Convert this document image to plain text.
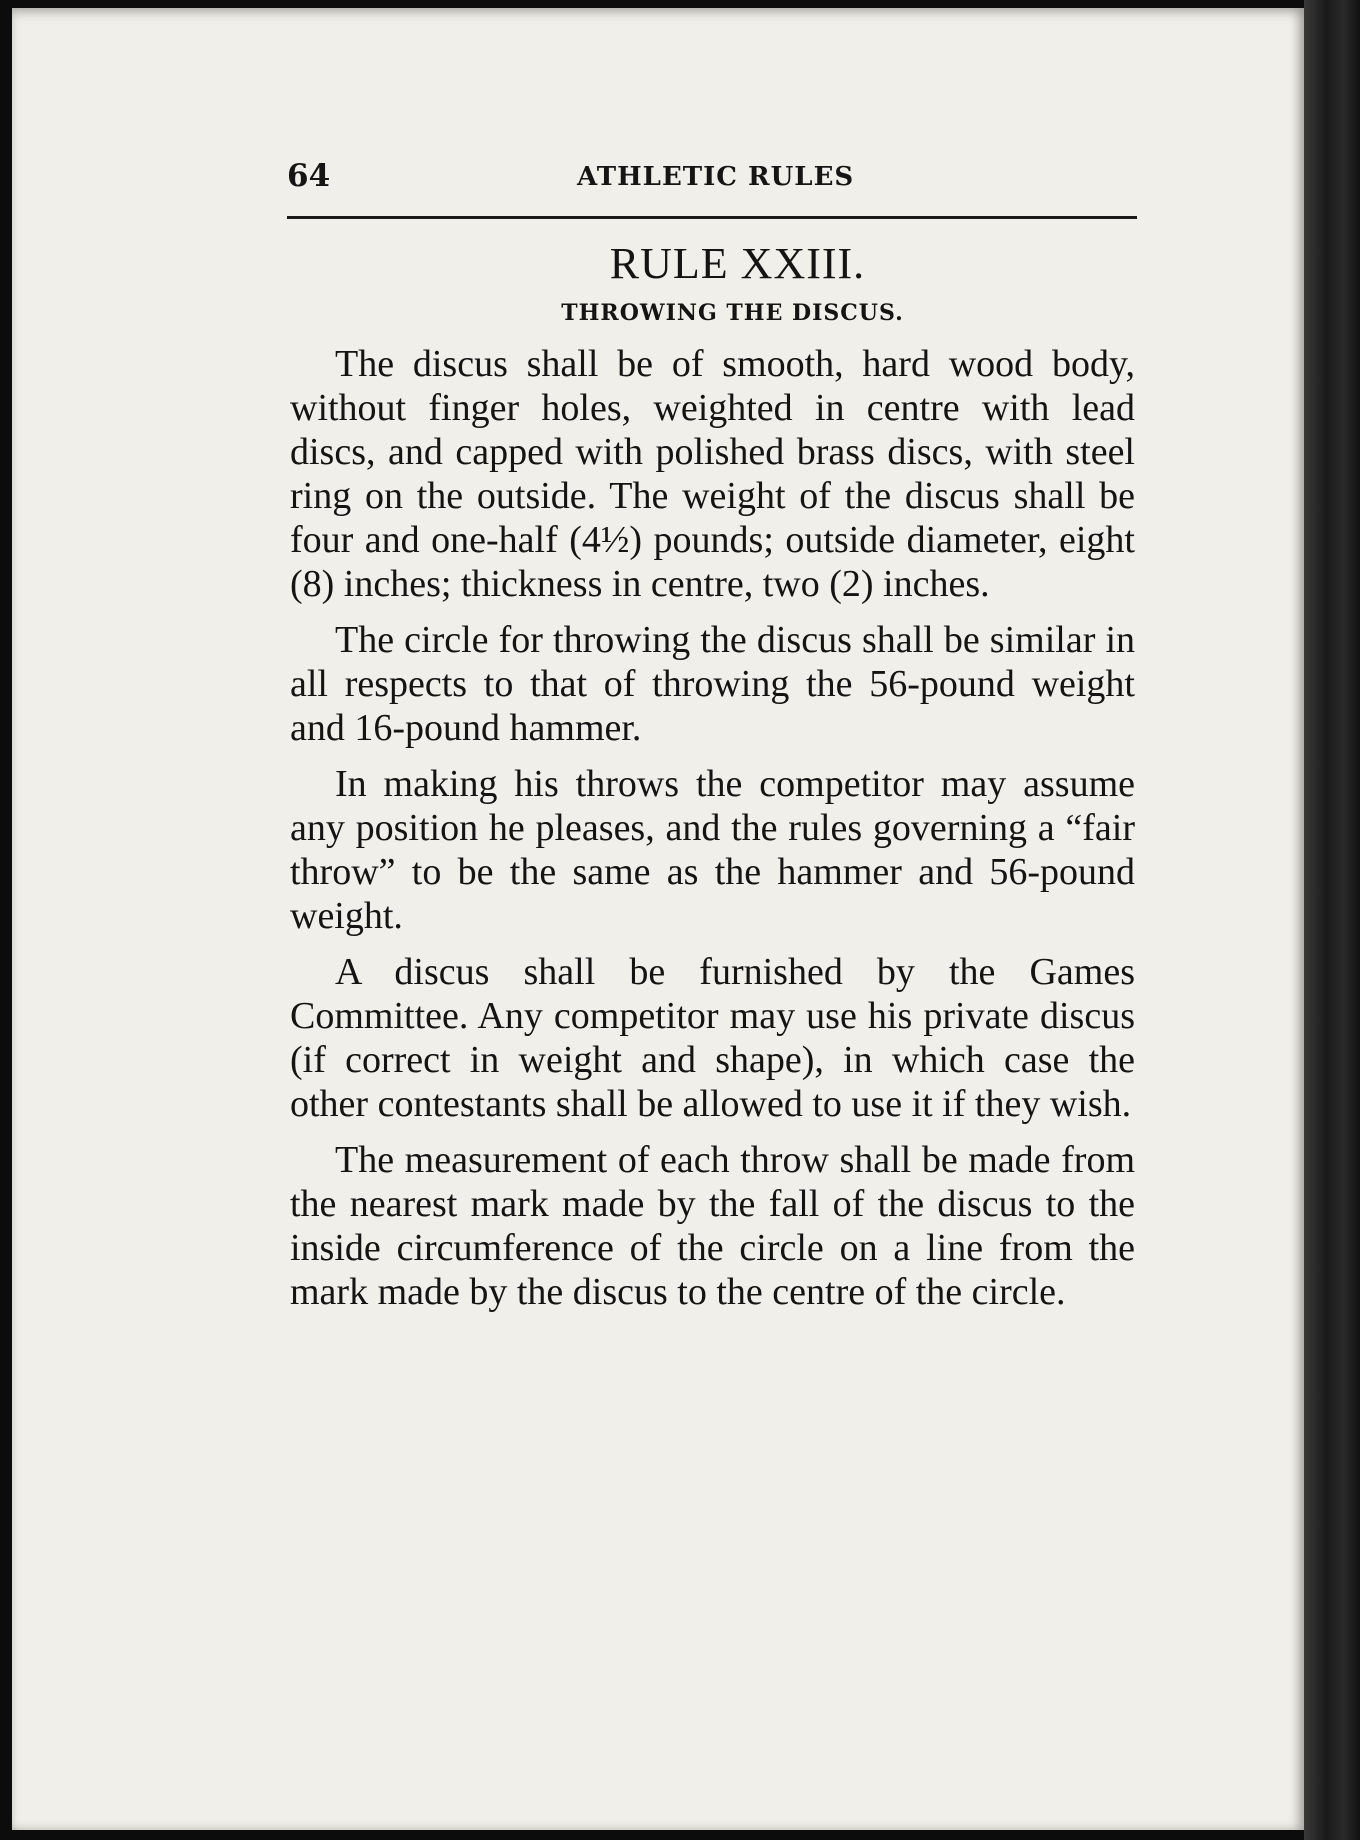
64	ATHLETIC RULES
RULE XXIII.
THROWING THE DISCUS.

The discus shall be of smooth, hard wood body, without finger holes, weighted in centre with lead discs, and capped with polished brass discs, with steel ring on the outside. The weight of the discus shall be four and one-half (4½) pounds; outside diameter, eight (8) inches; thickness in centre, two (2) inches.

The circle for throwing the discus shall be similar in all respects to that of throwing the 56-pound weight and 16-pound hammer.

In making his throws the competitor may assume any position he pleases, and the rules governing a “fair throw” to be the same as the hammer and 56-pound weight.

A discus shall be furnished by the Games Committee. Any competitor may use his private discus (if correct in weight and shape), in which case the other contestants shall be allowed to use it if they wish.

The measurement of each throw shall be made from the nearest mark made by the fall of the discus to the inside circumference of the circle on a line from the mark made by the discus to the centre of the circle.
